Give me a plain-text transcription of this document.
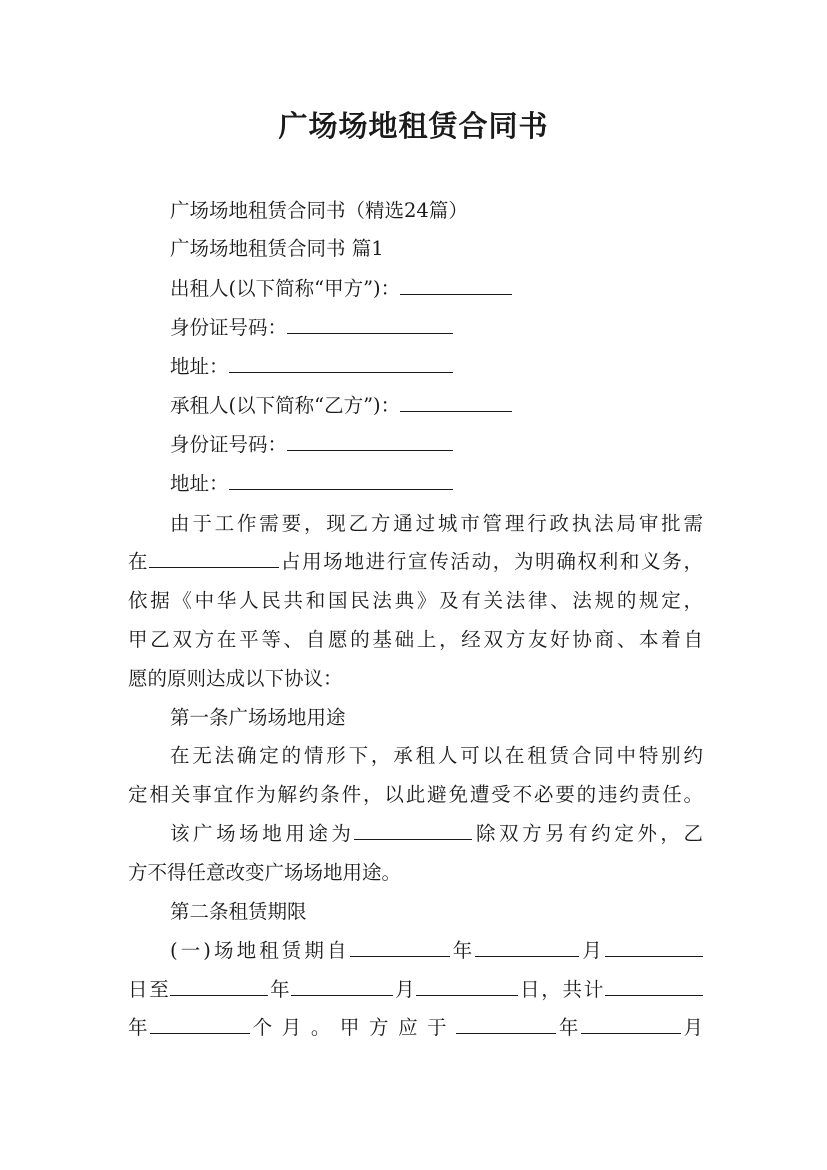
广场场地租赁合同书
广场场地租赁合同书（精选24篇）
广场场地租赁合同书 篇1
出租人(以下简称“甲方”)：
身份证号码：
地址：
承租人(以下简称“乙方”)：
身份证号码：
地址：
由于工作需要，现乙方通过城市管理行政执法局审批需
在	占用场地进行宣传活动，为明确权利和义务，
依据《中华人民共和国民法典》及有关法律、法规的规定，
甲乙双方在平等、自愿的基础上，经双方友好协商、本着自
愿的原则达成以下协议：
第一条广场场地用途
在无法确定的情形下，承租人可以在租赁合同中特别约
定相关事宜作为解约条件，以此避免遭受不必要的违约责任。
该广场场地用途为	除双方另有约定外，乙
方不得任意改变广场场地用途。
第二条租赁期限
(一)场地租赁期自	年	月
日至	年	月	日，共计
年	个月。甲方应于	年	月
